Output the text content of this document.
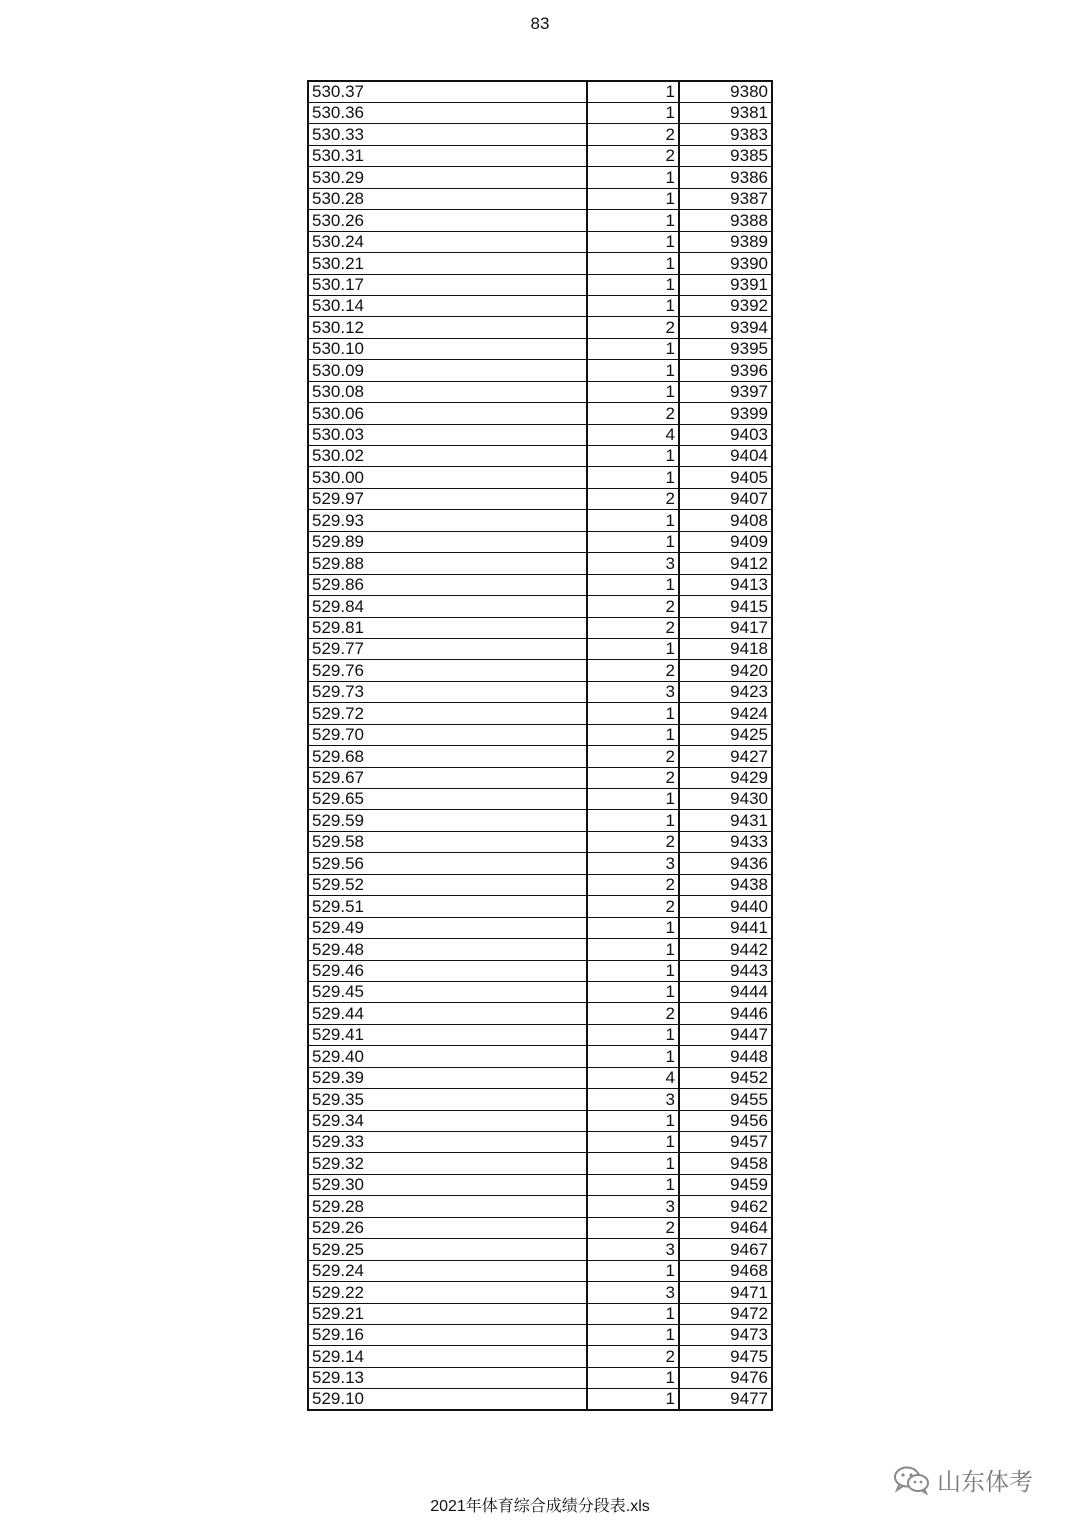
83
530.37	1	9380
530.36	1	9381
530.33	2	9383
530.31	2	9385
530.29	1	9386
530.28	1	9387
530.26	1	9388
530.24	1	9389
530.21	1	9390
530.17	1	9391
530.14	1	9392
530.12	2	9394
530.10	1	9395
530.09	1	9396
530.08	1	9397
530.06	2	9399
530.03	4	9403
530.02	1	9404
530.00	1	9405
529.97	2	9407
529.93	1	9408
529.89	1	9409
529.88	3	9412
529.86	1	9413
529.84	2	9415
529.81	2	9417
529.77	1	9418
529.76	2	9420
529.73	3	9423
529.72	1	9424
529.70	1	9425
529.68	2	9427
529.67	2	9429
529.65	1	9430
529.59	1	9431
529.58	2	9433
529.56	3	9436
529.52	2	9438
529.51	2	9440
529.49	1	9441
529.48	1	9442
529.46	1	9443
529.45	1	9444
529.44	2	9446
529.41	1	9447
529.40	1	9448
529.39	4	9452
529.35	3	9455
529.34	1	9456
529.33	1	9457
529.32	1	9458
529.30	1	9459
529.28	3	9462
529.26	2	9464
529.25	3	9467
529.24	1	9468
529.22	3	9471
529.21	1	9472
529.16	1	9473
529.14	2	9475
529.13	1	9476
529.10	1	9477
山东体考
2021年体育综合成绩分段表.xls
